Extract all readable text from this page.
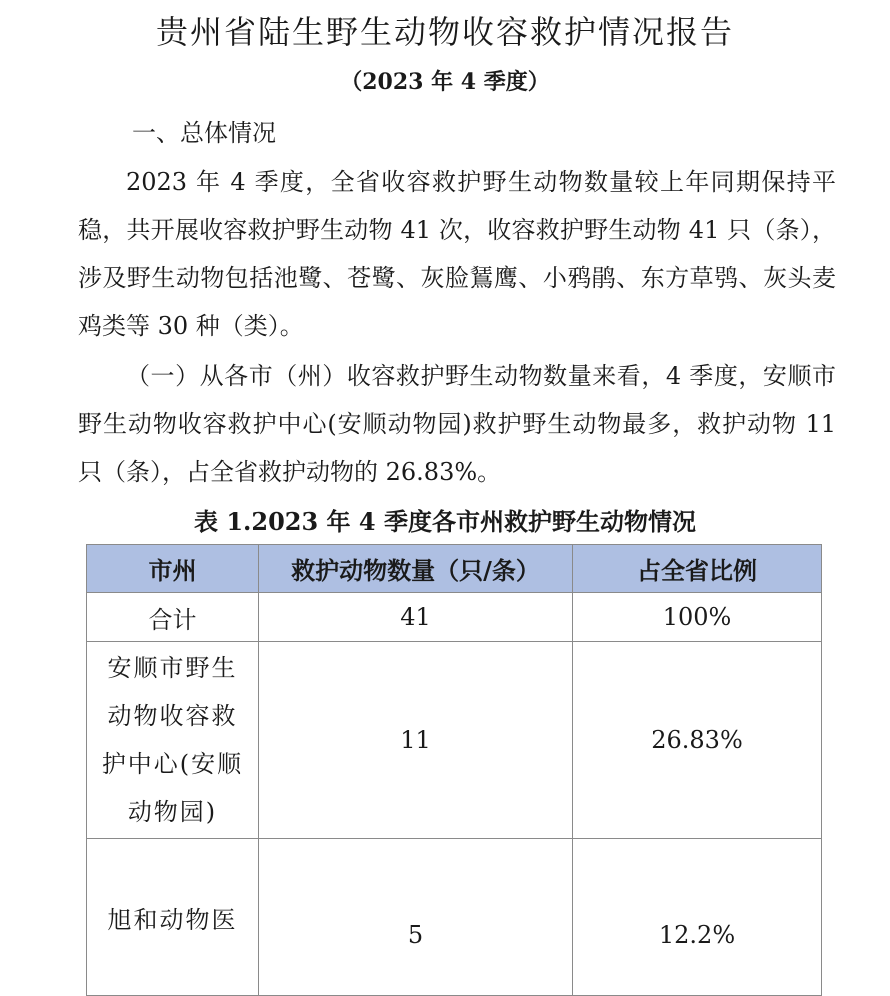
贵州省陆生野生动物收容救护情况报告
（2023 年 4 季度）
一、总体情况
2023 年 4 季度，全省收容救护野生动物数量较上年同期保持平稳，共开展收容救护野生动物 41 次，收容救护野生动物 41 只（条），涉及野生动物包括池鹭、苍鹭、灰脸鵟鹰、小鸦鹃、东方草鸮、灰头麦鸡类等 30 种（类）。
（一）从各市（州）收容救护野生动物数量来看，4 季度，安顺市野生动物收容救护中心(安顺动物园)救护野生动物最多，救护动物 11 只（条），占全省救护动物的 26.83%。
表 1.2023 年 4 季度各市州救护野生动物情况
市州	救护动物数量（只/条）	占全省比例
合计	41	100%
安顺市野生动物收容救护中心(安顺动物园)	11	26.83%
旭和动物医	5	12.2%
